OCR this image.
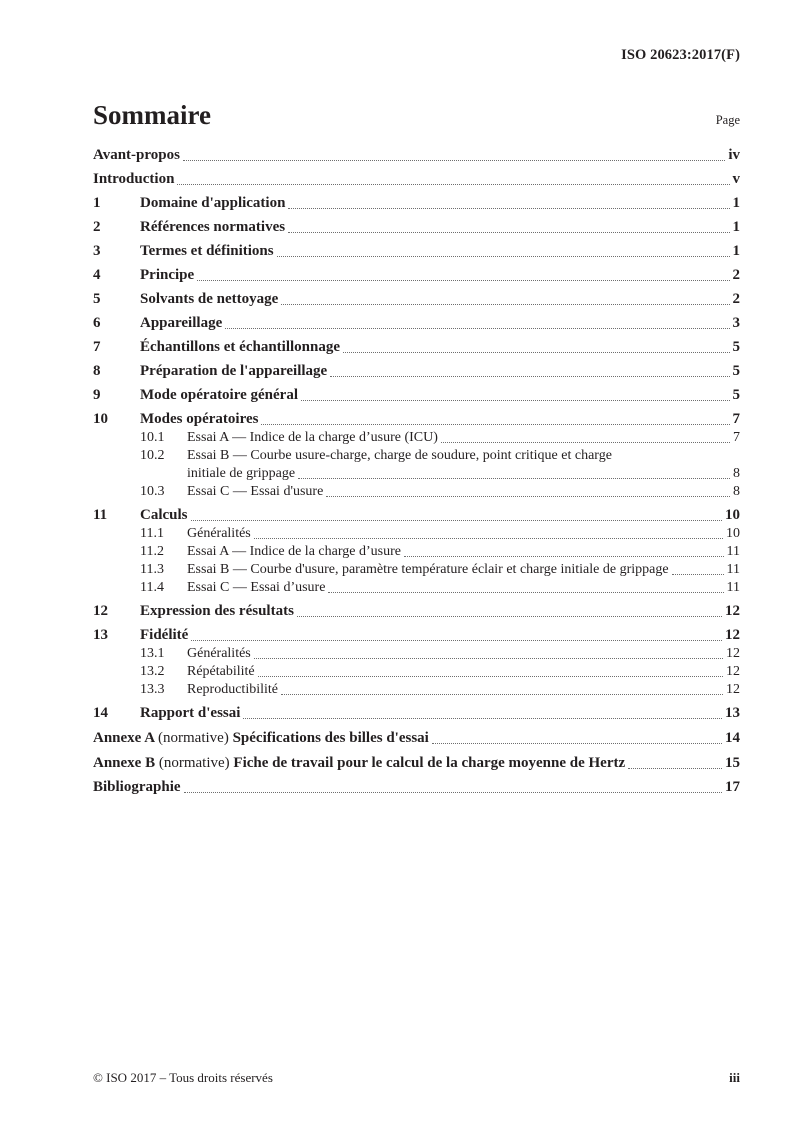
ISO 20623:2017(F)
Sommaire	Page
Avant-propos	iv
Introduction	v
1	Domaine d'application	1
2	Références normatives	1
3	Termes et définitions	1
4	Principe	2
5	Solvants de nettoyage	2
6	Appareillage	3
7	Échantillons et échantillonnage	5
8	Préparation de l'appareillage	5
9	Mode opératoire général	5
10	Modes opératoires	7
10.1	Essai A — Indice de la charge d’usure (ICU)	7
10.2	Essai B — Courbe usure-charge, charge de soudure, point critique et charge
initiale de grippage	8
10.3	Essai C — Essai d'usure	8
11	Calculs	10
11.1	Généralités	10
11.2	Essai A — Indice de la charge d’usure	11
11.3	Essai B — Courbe d'usure, paramètre température éclair et charge initiale de grippage	11
11.4	Essai C — Essai d’usure	11
12	Expression des résultats	12
13	Fidélité	12
13.1	Généralités	12
13.2	Répétabilité	12
13.3	Reproductibilité	12
14	Rapport d'essai	13
Annexe A (normative) Spécifications des billes d'essai	14
Annexe B (normative) Fiche de travail pour le calcul de la charge moyenne de Hertz	15
Bibliographie	17
© ISO 2017 – Tous droits réservés	iii
